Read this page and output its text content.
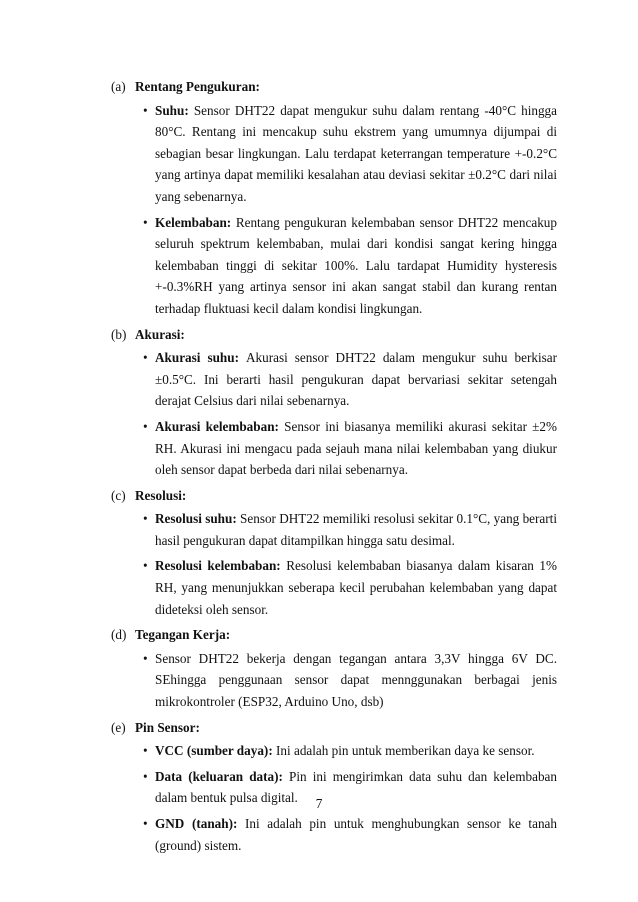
(a) Rentang Pengukuran:
• Suhu: Sensor DHT22 dapat mengukur suhu dalam rentang -40°C hingga 80°C. Rentang ini mencakup suhu ekstrem yang umumnya dijumpai di sebagian besar lingkungan. Lalu terdapat keterrangan temperature +-0.2°C yang artinya dapat memiliki kesalahan atau deviasi sekitar ±0.2°C dari nilai yang sebenarnya.
• Kelembaban: Rentang pengukuran kelembaban sensor DHT22 mencakup seluruh spektrum kelembaban, mulai dari kondisi sangat kering hingga kelembaban tinggi di sekitar 100%. Lalu tardapat Humidity hysteresis +-0.3%RH yang artinya sensor ini akan sangat stabil dan kurang rentan terhadap fluktuasi kecil dalam kondisi lingkungan.
(b) Akurasi:
• Akurasi suhu: Akurasi sensor DHT22 dalam mengukur suhu berkisar ±0.5°C. Ini berarti hasil pengukuran dapat bervariasi sekitar setengah derajat Celsius dari nilai sebenarnya.
• Akurasi kelembaban: Sensor ini biasanya memiliki akurasi sekitar ±2% RH. Akurasi ini mengacu pada sejauh mana nilai kelembaban yang diukur oleh sensor dapat berbeda dari nilai sebenarnya.
(c) Resolusi:
• Resolusi suhu: Sensor DHT22 memiliki resolusi sekitar 0.1°C, yang berarti hasil pengukuran dapat ditampilkan hingga satu desimal.
• Resolusi kelembaban: Resolusi kelembaban biasanya dalam kisaran 1% RH, yang menunjukkan seberapa kecil perubahan kelembaban yang dapat dideteksi oleh sensor.
(d) Tegangan Kerja:
• Sensor DHT22 bekerja dengan tegangan antara 3,3V hingga 6V DC. SEhingga penggunaan sensor dapat mennggunakan berbagai jenis mikrokontroler (ESP32, Arduino Uno, dsb)
(e) Pin Sensor:
• VCC (sumber daya): Ini adalah pin untuk memberikan daya ke sensor.
• Data (keluaran data): Pin ini mengirimkan data suhu dan kelembaban dalam bentuk pulsa digital.
• GND (tanah): Ini adalah pin untuk menghubungkan sensor ke tanah (ground) sistem.
7
